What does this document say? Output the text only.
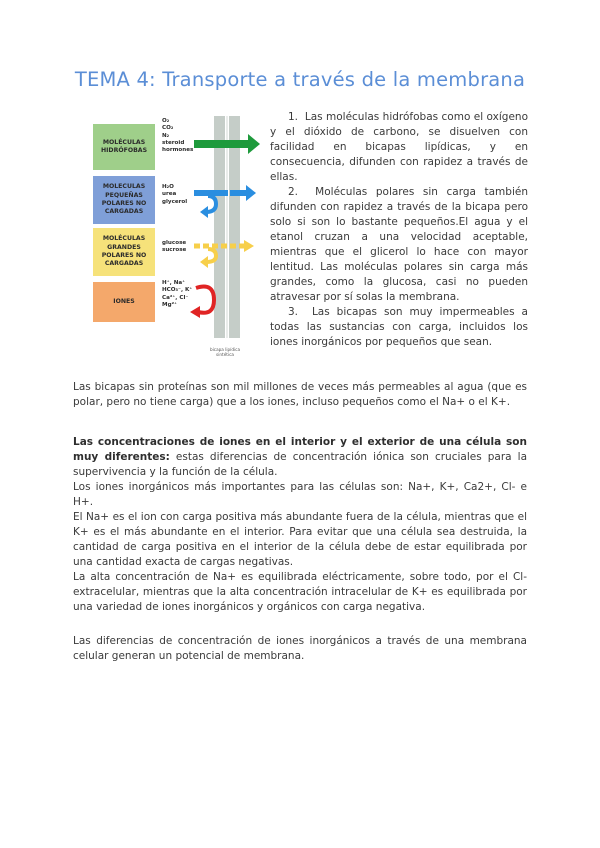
TEMA 4: Transporte a través de la membrana
MOLÉCULAS
HIDRÓFOBAS
MOLECULAS
PEQUEÑAS
POLARES NO
CARGADAS
MOLÉCULAS
GRANDES
POLARES NO
CARGADAS
IONES
O₂
CO₂
N₂
steroid
hormones
H₂O
urea
glycerol
glucose
sucrose
H⁺, Na⁺
HCO₃⁻, K⁺
Ca²⁺, Cl⁻
Mg²⁺
bicapa lipídica
sintética

1. Las moléculas hidrófobas como el oxígeno y el dióxido de carbono, se disuelven con facilidad en bicapas lipídicas, y en consecuencia, difunden con rapidez a través de ellas.

2. Moléculas polares sin carga también difunden con rapidez a través de la bicapa pero solo si son lo bastante pequeños.El agua y el etanol cruzan a una velocidad aceptable, mientras que el glicerol lo hace con mayor lentitud. Las moléculas polares sin carga más grandes, como la glucosa, casi no pueden atravesar por sí solas la membrana.

3. Las bicapas son muy impermeables a todas las sustancias con carga, incluidos los iones inorgánicos por pequeños que sean.

Las bicapas sin proteínas son mil millones de veces más permeables al agua (que es polar, pero no tiene carga) que a los iones, incluso pequeños como el Na+ o el K+.

Las concentraciones de iones en el interior y el exterior de una célula son muy diferentes: estas diferencias de concentración iónica son cruciales para la supervivencia y la función de la célula.

Los iones inorgánicos más importantes para las células son: Na+, K+, Ca2+, Cl- e H+.

El Na+ es el ion con carga positiva más abundante fuera de la célula, mientras que el K+ es el más abundante en el interior. Para evitar que una célula sea destruida, la cantidad de carga positiva en el interior de la célula debe de estar equilibrada por una cantidad exacta de cargas negativas.

La alta concentración de Na+ es equilibrada eléctricamente, sobre todo, por el Cl- extracelular, mientras que la alta concentración intracelular de K+ es equilibrada por una variedad de iones inorgánicos y orgánicos con carga negativa.

Las diferencias de concentración de iones inorgánicos a través de una membrana celular generan un potencial de membrana.
